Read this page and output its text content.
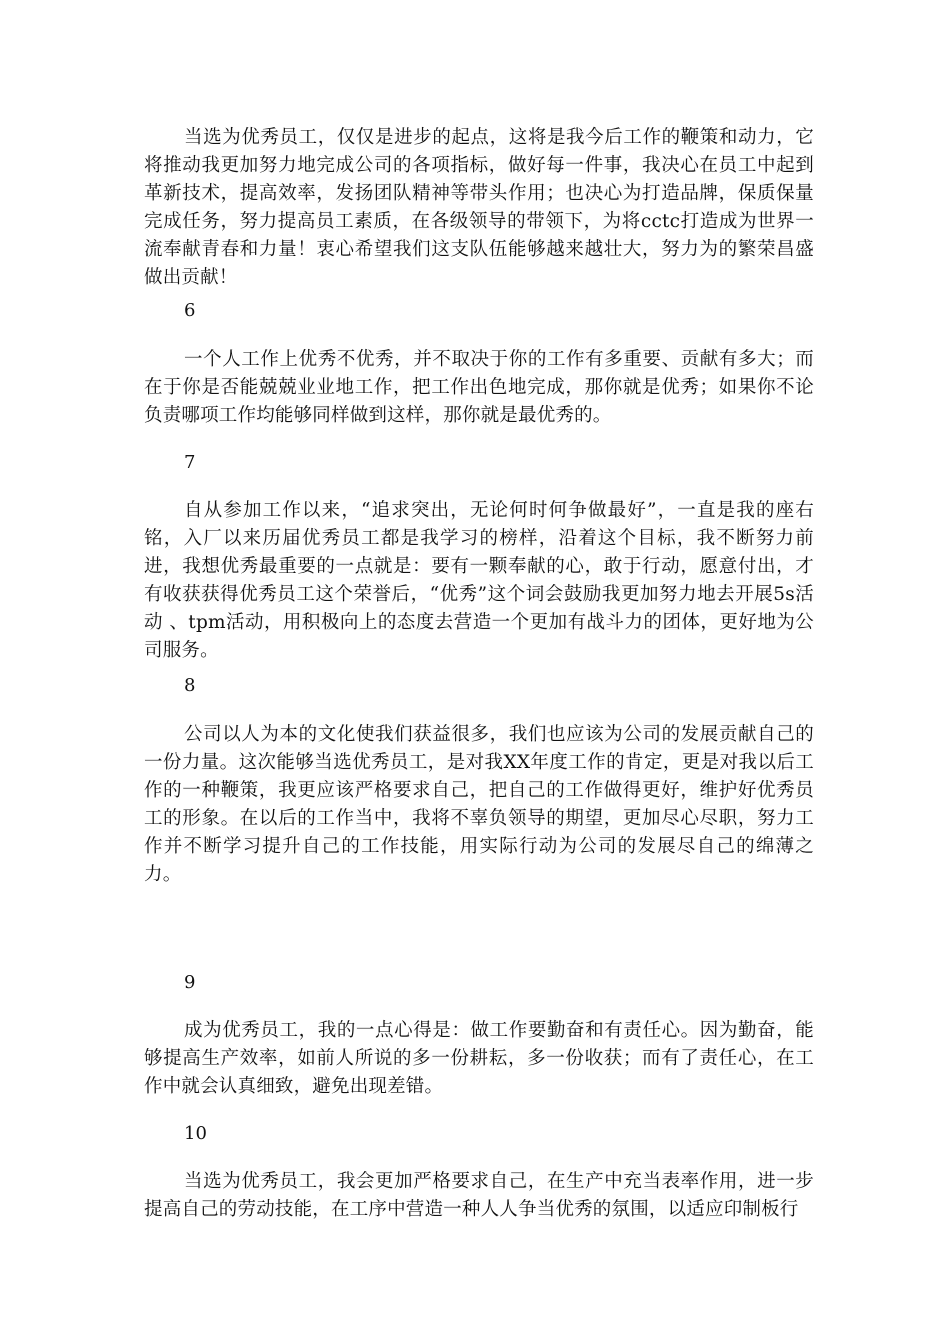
当选为优秀员工，仅仅是进步的起点，这将是我今后工作的鞭策和动力，它将推动我更加努力地完成公司的各项指标，做好每一件事，我决心在员工中起到革新技术，提高效率，发扬团队精神等带头作用；也决心为打造品牌，保质保量完成任务，努力提高员工素质，在各级领导的带领下，为将cctc打造成为世界一流奉献青春和力量！衷心希望我们这支队伍能够越来越壮大，努力为的繁荣昌盛做出贡献！

6

一个人工作上优秀不优秀，并不取决于你的工作有多重要、贡献有多大；而在于你是否能兢兢业业地工作，把工作出色地完成，那你就是优秀；如果你不论负责哪项工作均能够同样做到这样，那你就是最优秀的。

7

自从参加工作以来，“追求突出，无论何时何争做最好”，一直是我的座右铭，入厂以来历届优秀员工都是我学习的榜样，沿着这个目标，我不断努力前进，我想优秀最重要的一点就是：要有一颗奉献的心，敢于行动，愿意付出，才有收获获得优秀员工这个荣誉后，“优秀”这个词会鼓励我更加努力地去开展5s活动 、tpm活动，用积极向上的态度去营造一个更加有战斗力的团体，更好地为公司服务。

8

公司以人为本的文化使我们获益很多，我们也应该为公司的发展贡献自己的一份力量。这次能够当选优秀员工，是对我XX年度工作的肯定，更是对我以后工作的一种鞭策，我更应该严格要求自己，把自己的工作做得更好，维护好优秀员工的形象。在以后的工作当中，我将不辜负领导的期望，更加尽心尽职，努力工作并不断学习提升自己的工作技能，用实际行动为公司的发展尽自己的绵薄之力。

9

成为优秀员工，我的一点心得是：做工作要勤奋和有责任心。因为勤奋，能够提高生产效率，如前人所说的多一份耕耘，多一份收获；而有了责任心，在工作中就会认真细致，避免出现差错。

10

当选为优秀员工，我会更加严格要求自己，在生产中充当表率作用，进一步提高自己的劳动技能，在工序中营造一种人人争当优秀的氛围，以适应印制板行
